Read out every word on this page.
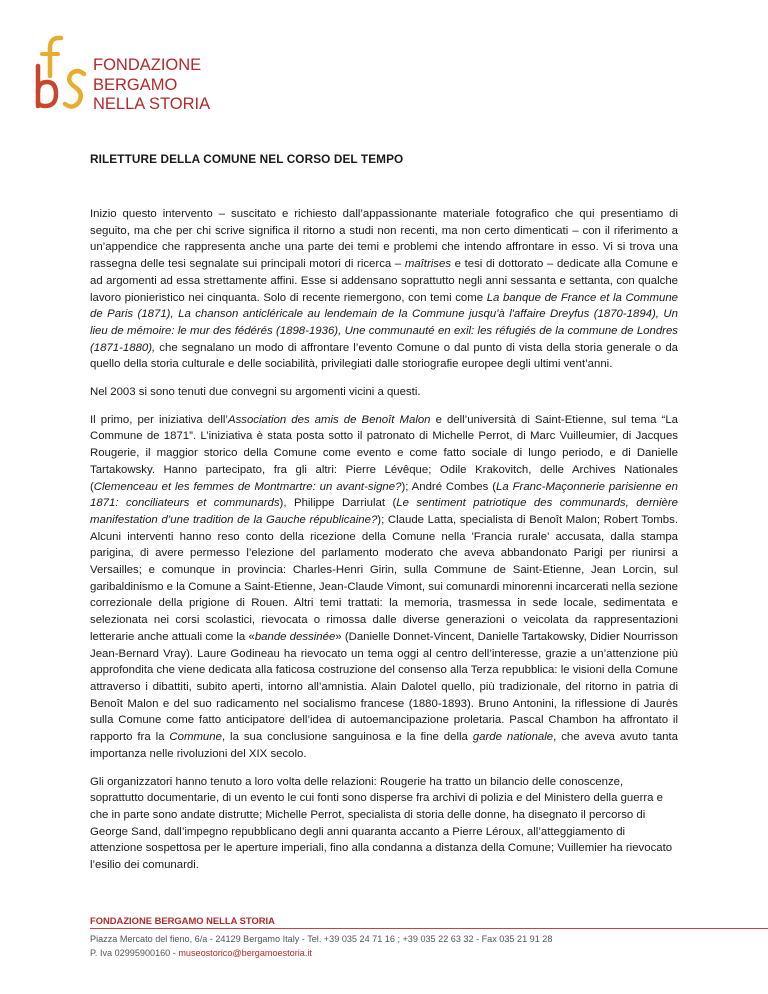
FONDAZIONE
BERGAMO
NELLA STORIA
RILETTURE DELLA COMUNE NEL CORSO DEL TEMPO

Inizio questo intervento – suscitato e richiesto dall’appassionante materiale fotografico che qui presentiamo di seguito, ma che per chi scrive significa il ritorno a studi non recenti, ma non certo dimenticati – con il riferimento a un’appendice che rappresenta anche una parte dei temi e problemi che intendo affrontare in esso. Vi si trova una rassegna delle tesi segnalate sui principali motori di ricerca – maîtrises e tesi di dottorato – dedicate alla Comune e ad argomenti ad essa strettamente affini. Esse si addensano soprattutto negli anni sessanta e settanta, con qualche lavoro pionieristico nei cinquanta. Solo di recente riemergono, con temi come La banque de France et la Commune de Paris (1871), La chanson anticléricale au lendemain de la Commune jusqu'à l'affaire Dreyfus (1870-1894), Un lieu de mémoire: le mur des fédérés (1898-1936), Une communauté en exil: les réfugiés de la commune de Londres (1871-1880), che segnalano un modo di affrontare l’evento Comune o dal punto di vista della storia generale o da quello della storia culturale e delle sociabilità, privilegiati dalle storiografie europee degli ultimi vent’anni.

Nel 2003 si sono tenuti due convegni su argomenti vicini a questi.

Il primo, per iniziativa dell’Association des amis de Benoît Malon e dell’università di Saint-Etienne, sul tema “La Commune de 1871”. L’iniziativa è stata posta sotto il patronato di Michelle Perrot, di Marc Vuilleumier, di Jacques Rougerie, il maggior storico della Comune come evento e come fatto sociale di lungo periodo, e di Danielle Tartakowsky. Hanno partecipato, fra gli altri: Pierre Lévêque; Odile Krakovitch, delle Archives Nationales (Clemenceau et les femmes de Montmartre: un avant-signe?); André Combes (La Franc-Maçonnerie parisienne en 1871: conciliateurs et communards), Philippe Darriulat (Le sentiment patriotique des communards, dernière manifestation d’une tradition de la Gauche républicaine?); Claude Latta, specialista di Benoît Malon; Robert Tombs. Alcuni interventi hanno reso conto della ricezione della Comune nella 'Francia rurale' accusata, dalla stampa parigina, di avere permesso l’elezione del parlamento moderato che aveva abbandonato Parigi per riunirsi a Versailles; e comunque in provincia: Charles-Henri Girin, sulla Commune de Saint-Etienne, Jean Lorcin, sul garibaldinismo e la Comune a Saint-Etienne, Jean-Claude Vimont, sui comunardi minorenni incarcerati nella sezione correzionale della prigione di Rouen. Altri temi trattati: la memoria, trasmessa in sede locale, sedimentata e selezionata nei corsi scolastici, rievocata o rimossa dalle diverse generazioni o veicolata da rappresentazioni letterarie anche attuali come la «bande dessinée» (Danielle Donnet-Vincent, Danielle Tartakowsky, Didier Nourrisson Jean-Bernard Vray). Laure Godineau ha rievocato un tema oggi al centro dell’interesse, grazie a un’attenzione più approfondita che viene dedicata alla faticosa costruzione del consenso alla Terza repubblica: le visioni della Comune attraverso i dibattiti, subito aperti, intorno all’amnistia. Alain Dalotel quello, più tradizionale, del ritorno in patria di Benoît Malon e del suo radicamento nel socialismo francese (1880-1893). Bruno Antonini, la riflessione di Jaurès sulla Comune come fatto anticipatore dell’idea di autoemancipazione proletaria. Pascal Chambon ha affrontato il rapporto fra la Commune, la sua conclusione sanguinosa e la fine della garde nationale, che aveva avuto tanta importanza nelle rivoluzioni del XIX secolo.

Gli organizzatori hanno tenuto a loro volta delle relazioni: Rougerie ha tratto un bilancio delle conoscenze, soprattutto documentarie, di un evento le cui fonti sono disperse fra archivi di polizia e del Ministero della guerra e che in parte sono andate distrutte; Michelle Perrot, specialista di storia delle donne, ha disegnato il percorso di George Sand, dall’impegno repubblicano degli anni quaranta accanto a Pierre Léroux, all’atteggiamento di attenzione sospettosa per le aperture imperiali, fino alla condanna a distanza della Comune; Vuillemier ha rievocato l’esilio dei comunardi.

FONDAZIONE BERGAMO NELLA STORIA
Piazza Mercato del fieno, 6/a - 24129 Bergamo Italy - Tel. +39 035 24 71 16 ; +39 035 22 63 32 - Fax 035 21 91 28
P. Iva 02995900160 - museostorico@bergamoestoria.it
